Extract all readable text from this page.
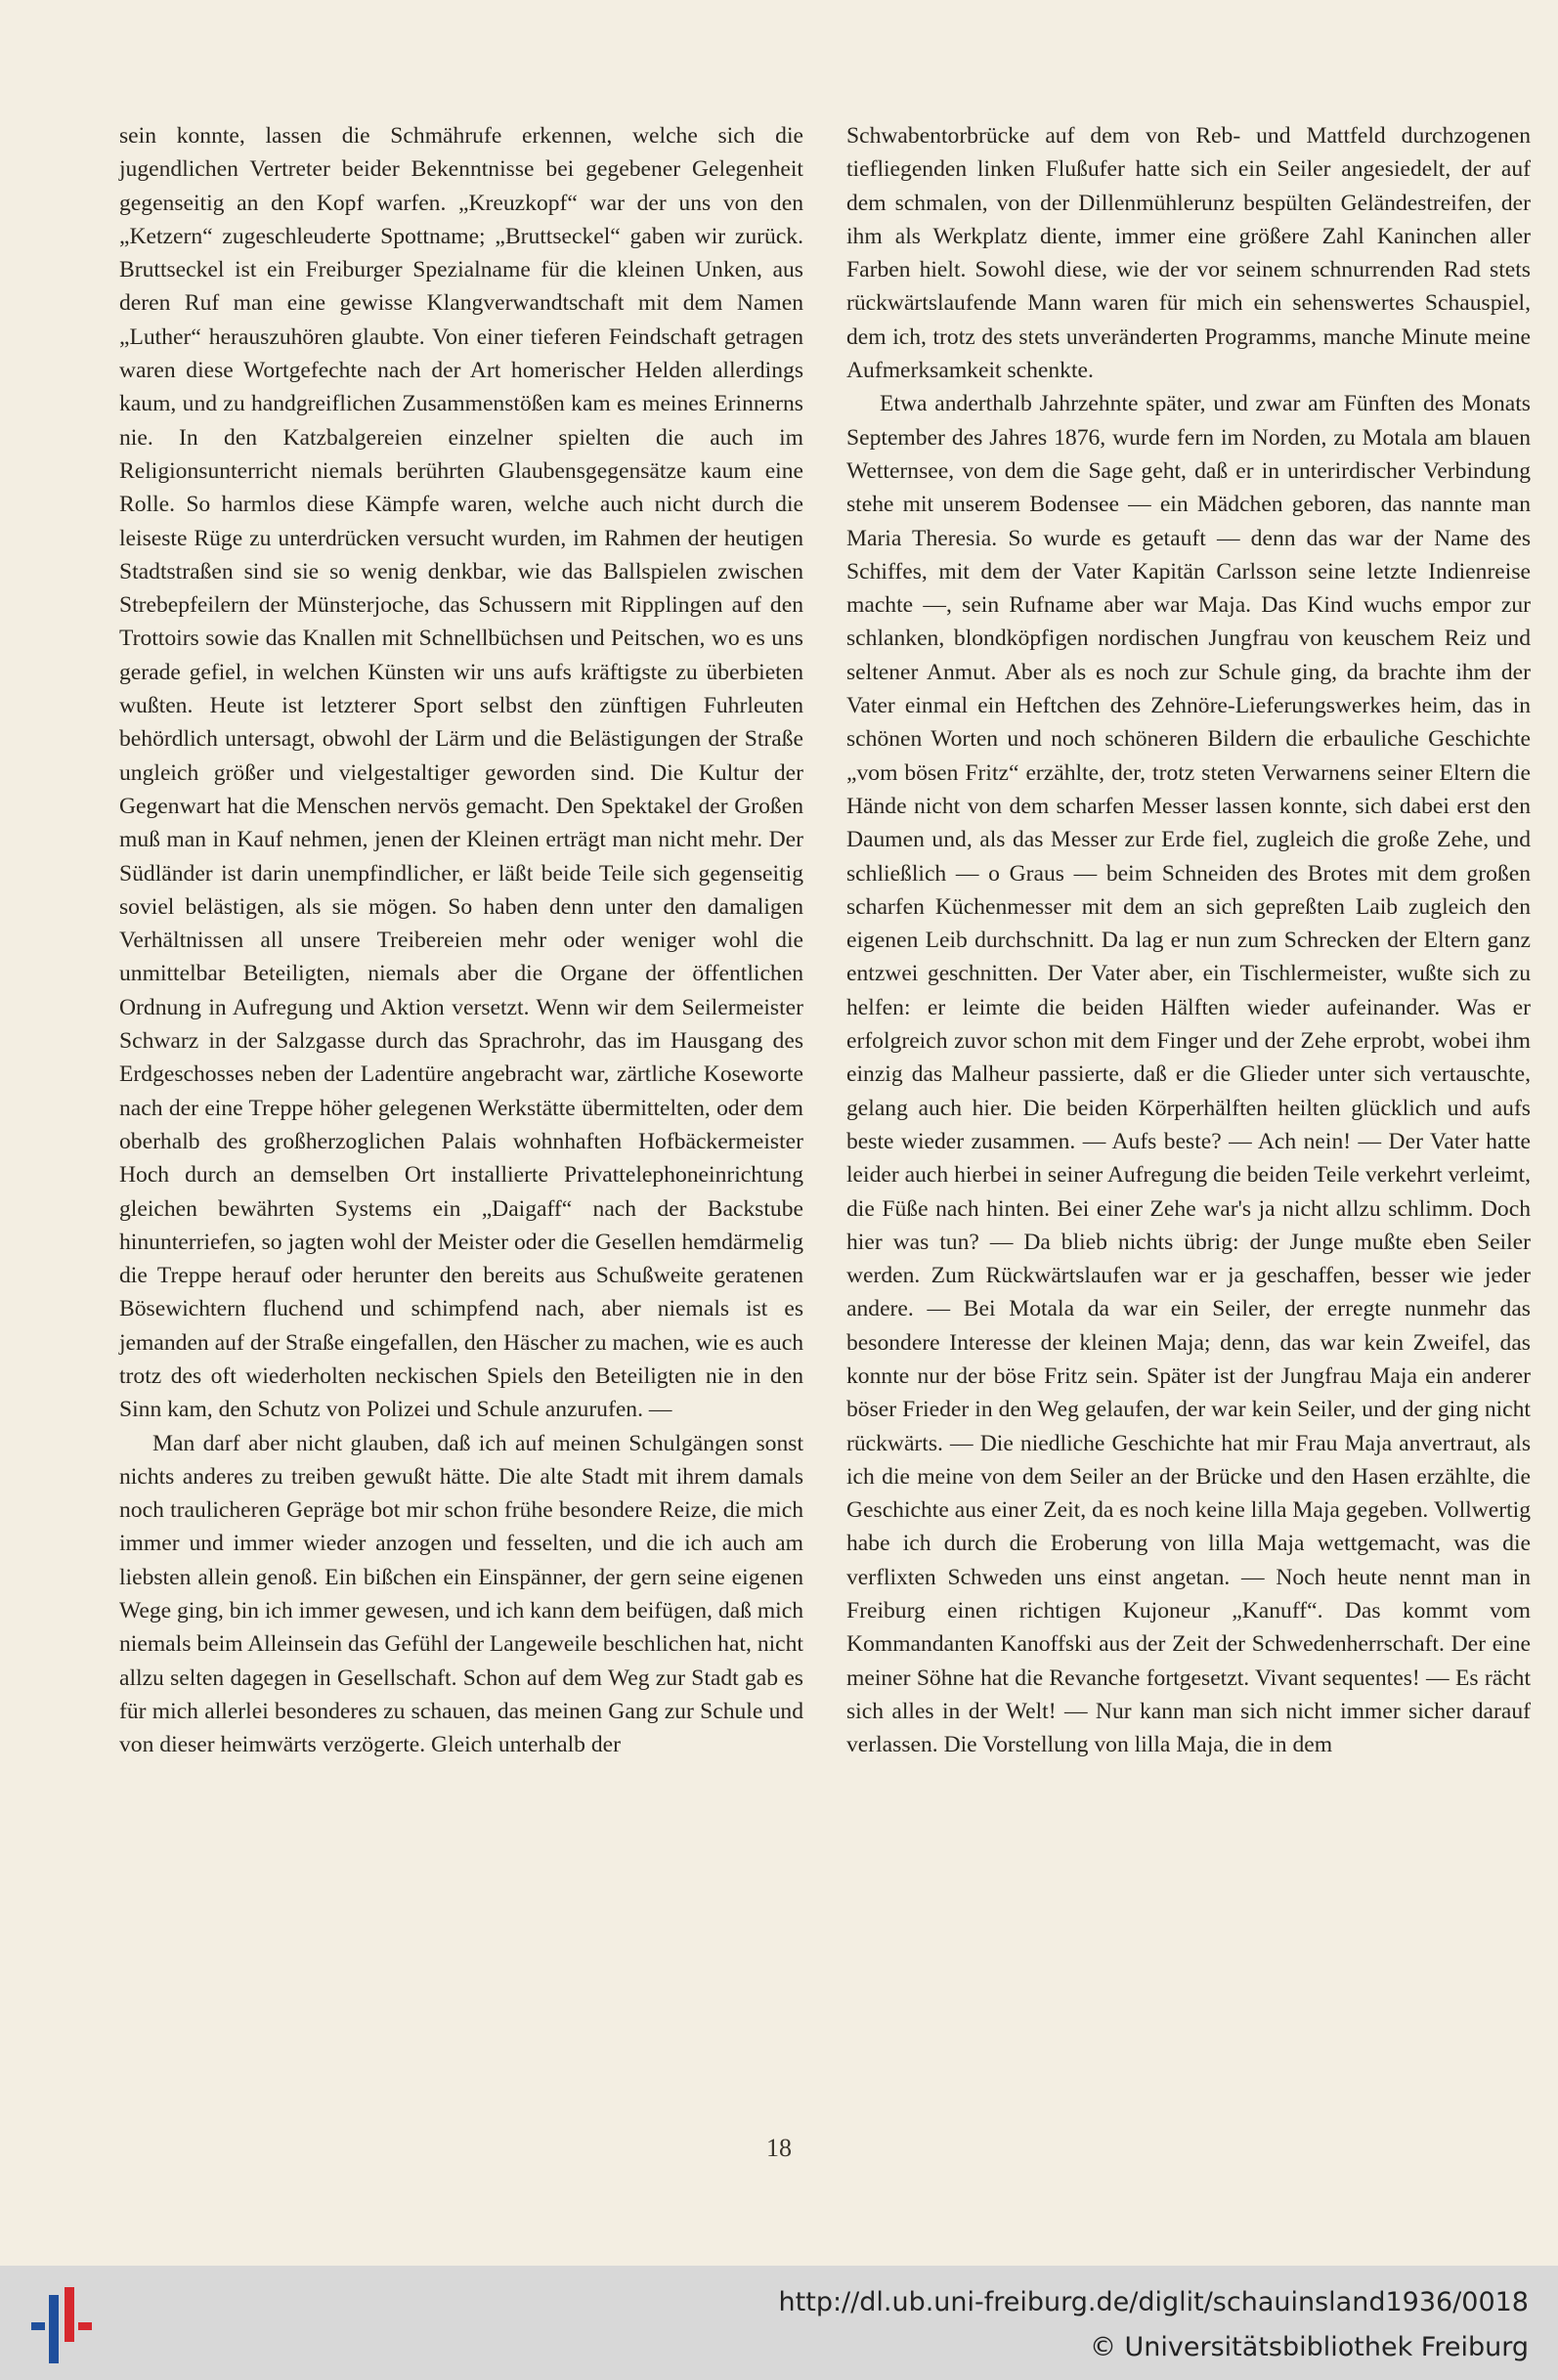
sein konnte, lassen die Schmährufe erkennen, welche sich die jugendlichen Vertreter beider Bekenntnisse bei gegebener Gelegenheit gegenseitig an den Kopf warfen. „Kreuzkopf“ war der uns von den „Ketzern“ zugeschleuderte Spottname; „Bruttseckel“ gaben wir zurück. Bruttseckel ist ein Freiburger Spezialname für die kleinen Unken, aus deren Ruf man eine gewisse Klangverwandtschaft mit dem Namen „Luther“ herauszuhören glaubte. Von einer tieferen Feindschaft getragen waren diese Wortgefechte nach der Art homerischer Helden allerdings kaum, und zu handgreiflichen Zusammenstößen kam es meines Erinnerns nie. In den Katzbalgereien einzelner spielten die auch im Religionsunterricht niemals berührten Glaubensgegensätze kaum eine Rolle. So harmlos diese Kämpfe waren, welche auch nicht durch die leiseste Rüge zu unterdrücken versucht wurden, im Rahmen der heutigen Stadtstraßen sind sie so wenig denkbar, wie das Ballspielen zwischen Strebepfeilern der Münsterjoche, das Schussern mit Ripplingen auf den Trottoirs sowie das Knallen mit Schnellbüchsen und Peitschen, wo es uns gerade gefiel, in welchen Künsten wir uns aufs kräftigste zu überbieten wußten. Heute ist letzterer Sport selbst den zünftigen Fuhrleuten behördlich untersagt, obwohl der Lärm und die Belästigungen der Straße ungleich größer und vielgestaltiger geworden sind. Die Kultur der Gegenwart hat die Menschen nervös gemacht. Den Spektakel der Großen muß man in Kauf nehmen, jenen der Kleinen erträgt man nicht mehr. Der Südländer ist darin unempfindlicher, er läßt beide Teile sich gegenseitig soviel belästigen, als sie mögen. So haben denn unter den damaligen Verhältnissen all unsere Treibereien mehr oder weniger wohl die unmittelbar Beteiligten, niemals aber die Organe der öffentlichen Ordnung in Aufregung und Aktion versetzt. Wenn wir dem Seilermeister Schwarz in der Salzgasse durch das Sprachrohr, das im Hausgang des Erdgeschosses neben der Ladentüre angebracht war, zärtliche Koseworte nach der eine Treppe höher gelegenen Werkstätte übermittelten, oder dem oberhalb des großherzoglichen Palais wohnhaften Hofbäckermeister Hoch durch an demselben Ort installierte Privattelephoneinrichtung gleichen bewährten Systems ein „Daigaff“ nach der Backstube hinunterriefen, so jagten wohl der Meister oder die Gesellen hemdärmelig die Treppe herauf oder herunter den bereits aus Schußweite geratenen Bösewichtern fluchend und schimpfend nach, aber niemals ist es jemanden auf der Straße eingefallen, den Häscher zu machen, wie es auch trotz des oft wiederholten neckischen Spiels den Beteiligten nie in den Sinn kam, den Schutz von Polizei und Schule anzurufen. —

Man darf aber nicht glauben, daß ich auf meinen Schulgängen sonst nichts anderes zu treiben gewußt hätte. Die alte Stadt mit ihrem damals noch traulicheren Gepräge bot mir schon frühe besondere Reize, die mich immer und immer wieder anzogen und fesselten, und die ich auch am liebsten allein genoß. Ein bißchen ein Einspänner, der gern seine eigenen Wege ging, bin ich immer gewesen, und ich kann dem beifügen, daß mich niemals beim Alleinsein das Gefühl der Langeweile beschlichen hat, nicht allzu selten dagegen in Gesellschaft. Schon auf dem Weg zur Stadt gab es für mich allerlei besonderes zu schauen, das meinen Gang zur Schule und von dieser heimwärts verzögerte. Gleich unterhalb der

Schwabentorbrücke auf dem von Reb- und Mattfeld durchzogenen tiefliegenden linken Flußufer hatte sich ein Seiler angesiedelt, der auf dem schmalen, von der Dillenmühlerunz bespülten Geländestreifen, der ihm als Werkplatz diente, immer eine größere Zahl Kaninchen aller Farben hielt. Sowohl diese, wie der vor seinem schnurrenden Rad stets rückwärtslaufende Mann waren für mich ein sehenswertes Schauspiel, dem ich, trotz des stets unveränderten Programms, manche Minute meine Aufmerksamkeit schenkte.

Etwa anderthalb Jahrzehnte später, und zwar am Fünften des Monats September des Jahres 1876, wurde fern im Norden, zu Motala am blauen Wetternsee, von dem die Sage geht, daß er in unterirdischer Verbindung stehe mit unserem Bodensee — ein Mädchen geboren, das nannte man Maria Theresia. So wurde es getauft — denn das war der Name des Schiffes, mit dem der Vater Kapitän Carlsson seine letzte Indienreise machte —, sein Rufname aber war Maja. Das Kind wuchs empor zur schlanken, blondköpfigen nordischen Jungfrau von keuschem Reiz und seltener Anmut. Aber als es noch zur Schule ging, da brachte ihm der Vater einmal ein Heftchen des Zehnöre-Lieferungswerkes heim, das in schönen Worten und noch schöneren Bildern die erbauliche Geschichte „vom bösen Fritz“ erzählte, der, trotz steten Verwarnens seiner Eltern die Hände nicht von dem scharfen Messer lassen konnte, sich dabei erst den Daumen und, als das Messer zur Erde fiel, zugleich die große Zehe, und schließlich — o Graus — beim Schneiden des Brotes mit dem großen scharfen Küchenmesser mit dem an sich gepreßten Laib zugleich den eigenen Leib durchschnitt. Da lag er nun zum Schrecken der Eltern ganz entzwei geschnitten. Der Vater aber, ein Tischlermeister, wußte sich zu helfen: er leimte die beiden Hälften wieder aufeinander. Was er erfolgreich zuvor schon mit dem Finger und der Zehe erprobt, wobei ihm einzig das Malheur passierte, daß er die Glieder unter sich vertauschte, gelang auch hier. Die beiden Körperhälften heilten glücklich und aufs beste wieder zusammen. — Aufs beste? — Ach nein! — Der Vater hatte leider auch hierbei in seiner Aufregung die beiden Teile verkehrt verleimt, die Füße nach hinten. Bei einer Zehe war's ja nicht allzu schlimm. Doch hier was tun? — Da blieb nichts übrig: der Junge mußte eben Seiler werden. Zum Rückwärtslaufen war er ja geschaffen, besser wie jeder andere. — Bei Motala da war ein Seiler, der erregte nunmehr das besondere Interesse der kleinen Maja; denn, das war kein Zweifel, das konnte nur der böse Fritz sein. Später ist der Jungfrau Maja ein anderer böser Frieder in den Weg gelaufen, der war kein Seiler, und der ging nicht rückwärts. — Die niedliche Geschichte hat mir Frau Maja anvertraut, als ich die meine von dem Seiler an der Brücke und den Hasen erzählte, die Geschichte aus einer Zeit, da es noch keine lilla Maja gegeben. Vollwertig habe ich durch die Eroberung von lilla Maja wettgemacht, was die verflixten Schweden uns einst angetan. — Noch heute nennt man in Freiburg einen richtigen Kujoneur „Kanuff“. Das kommt vom Kommandanten Kanoffski aus der Zeit der Schwedenherrschaft. Der eine meiner Söhne hat die Revanche fortgesetzt. Vivant sequentes! — Es rächt sich alles in der Welt! — Nur kann man sich nicht immer sicher darauf verlassen. Die Vorstellung von lilla Maja, die in dem

18
http://dl.ub.uni-freiburg.de/diglit/schauinsland1936/0018
© Universitätsbibliothek Freiburg
